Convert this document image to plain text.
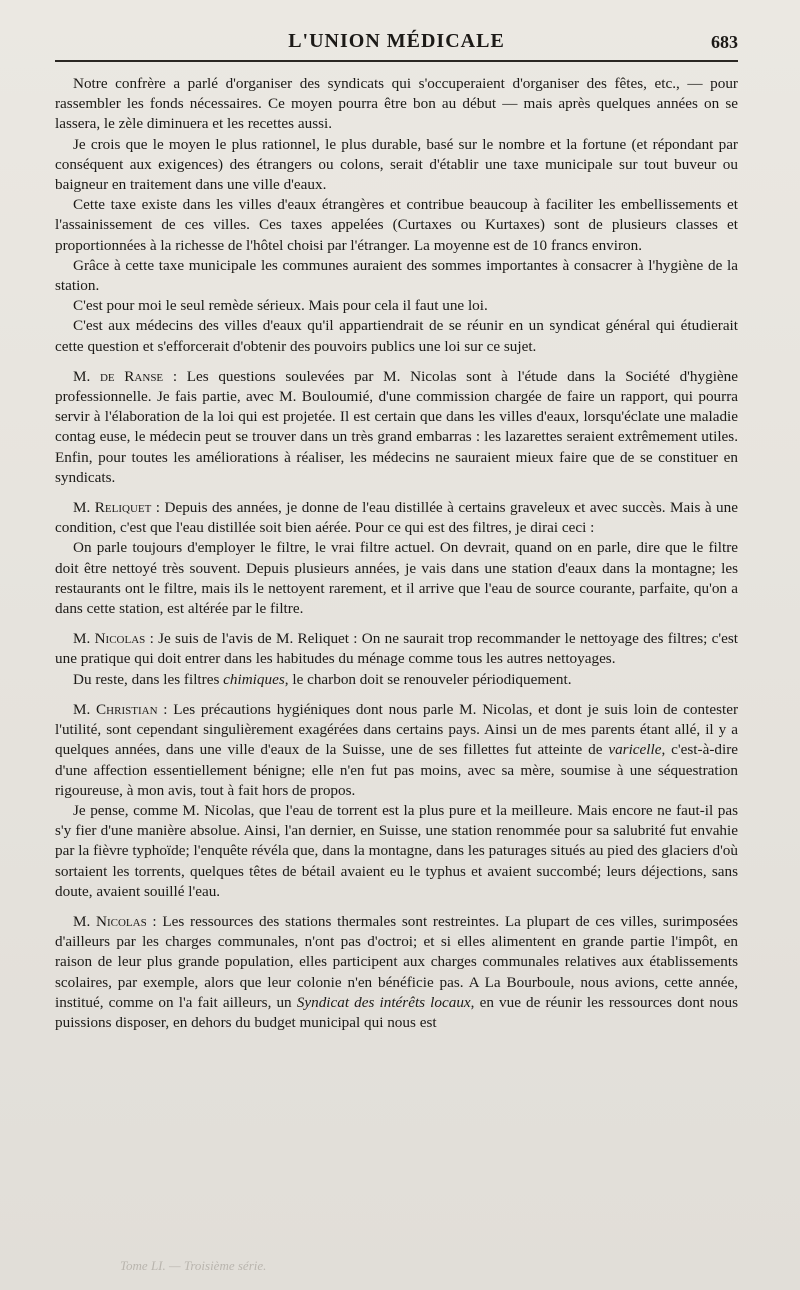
L'UNION MÉDICALE	683

Notre confrère a parlé d'organiser des syndicats qui s'occuperaient d'organiser des fêtes, etc., — pour rassembler les fonds nécessaires. Ce moyen pourra être bon au début — mais après quelques années on se lassera, le zèle diminuera et les recettes aussi.

Je crois que le moyen le plus rationnel, le plus durable, basé sur le nombre et la fortune (et répondant par conséquent aux exigences) des étrangers ou colons, serait d'établir une taxe municipale sur tout buveur ou baigneur en traitement dans une ville d'eaux.

Cette taxe existe dans les villes d'eaux étrangères et contribue beaucoup à faciliter les embellissements et l'assainissement de ces villes. Ces taxes appelées (Curtaxes ou Kurtaxes) sont de plusieurs classes et proportionnées à la richesse de l'hôtel choisi par l'étranger. La moyenne est de 10 francs environ.

Grâce à cette taxe municipale les communes auraient des sommes importantes à consacrer à l'hygiène de la station.

C'est pour moi le seul remède sérieux. Mais pour cela il faut une loi.

C'est aux médecins des villes d'eaux qu'il appartiendrait de se réunir en un syndicat général qui étudierait cette question et s'efforcerait d'obtenir des pouvoirs publics une loi sur ce sujet.

M. de Ranse : Les questions soulevées par M. Nicolas sont à l'étude dans la Société d'hygiène professionnelle. Je fais partie, avec M. Bouloumié, d'une commission chargée de faire un rapport, qui pourra servir à l'élaboration de la loi qui est projetée. Il est certain que dans les villes d'eaux, lorsqu'éclate une maladie contag euse, le médecin peut se trouver dans un très grand embarras : les lazarettes seraient extrêmement utiles. Enfin, pour toutes les améliorations à réaliser, les médecins ne sauraient mieux faire que de se constituer en syndicats.

M. Reliquet : Depuis des années, je donne de l'eau distillée à certains graveleux et avec succès. Mais à une condition, c'est que l'eau distillée soit bien aérée. Pour ce qui est des filtres, je dirai ceci :

On parle toujours d'employer le filtre, le vrai filtre actuel. On devrait, quand on en parle, dire que le filtre doit être nettoyé très souvent. Depuis plusieurs années, je vais dans une station d'eaux dans la montagne; les restaurants ont le filtre, mais ils le nettoyent rarement, et il arrive que l'eau de source courante, parfaite, qu'on a dans cette station, est altérée par le filtre.

M. Nicolas : Je suis de l'avis de M. Reliquet : On ne saurait trop recommander le nettoyage des filtres; c'est une pratique qui doit entrer dans les habitudes du ménage comme tous les autres nettoyages.

Du reste, dans les filtres chimiques, le charbon doit se renouveler périodiquement.

M. Christian : Les précautions hygiéniques dont nous parle M. Nicolas, et dont je suis loin de contester l'utilité, sont cependant singulièrement exagérées dans certains pays. Ainsi un de mes parents étant allé, il y a quelques années, dans une ville d'eaux de la Suisse, une de ses fillettes fut atteinte de varicelle, c'est-à-dire d'une affection essentiellement bénigne; elle n'en fut pas moins, avec sa mère, soumise à une séquestration rigoureuse, à mon avis, tout à fait hors de propos.

Je pense, comme M. Nicolas, que l'eau de torrent est la plus pure et la meilleure. Mais encore ne faut-il pas s'y fier d'une manière absolue. Ainsi, l'an dernier, en Suisse, une station renommée pour sa salubrité fut envahie par la fièvre typhoïde; l'enquête révéla que, dans la montagne, dans les paturages situés au pied des glaciers d'où sortaient les torrents, quelques têtes de bétail avaient eu le typhus et avaient succombé; leurs déjections, sans doute, avaient souillé l'eau.

M. Nicolas : Les ressources des stations thermales sont restreintes. La plupart de ces villes, surimposées d'ailleurs par les charges communales, n'ont pas d'octroi; et si elles alimentent en grande partie l'impôt, en raison de leur plus grande population, elles participent aux charges communales relatives aux établissements scolaires, par exemple, alors que leur colonie n'en bénéficie pas. A La Bourboule, nous avions, cette année, institué, comme on l'a fait ailleurs, un Syndicat des intérêts locaux, en vue de réunir les ressources dont nous puissions disposer, en dehors du budget municipal qui nous est

Tome LI. — Troisième série.
